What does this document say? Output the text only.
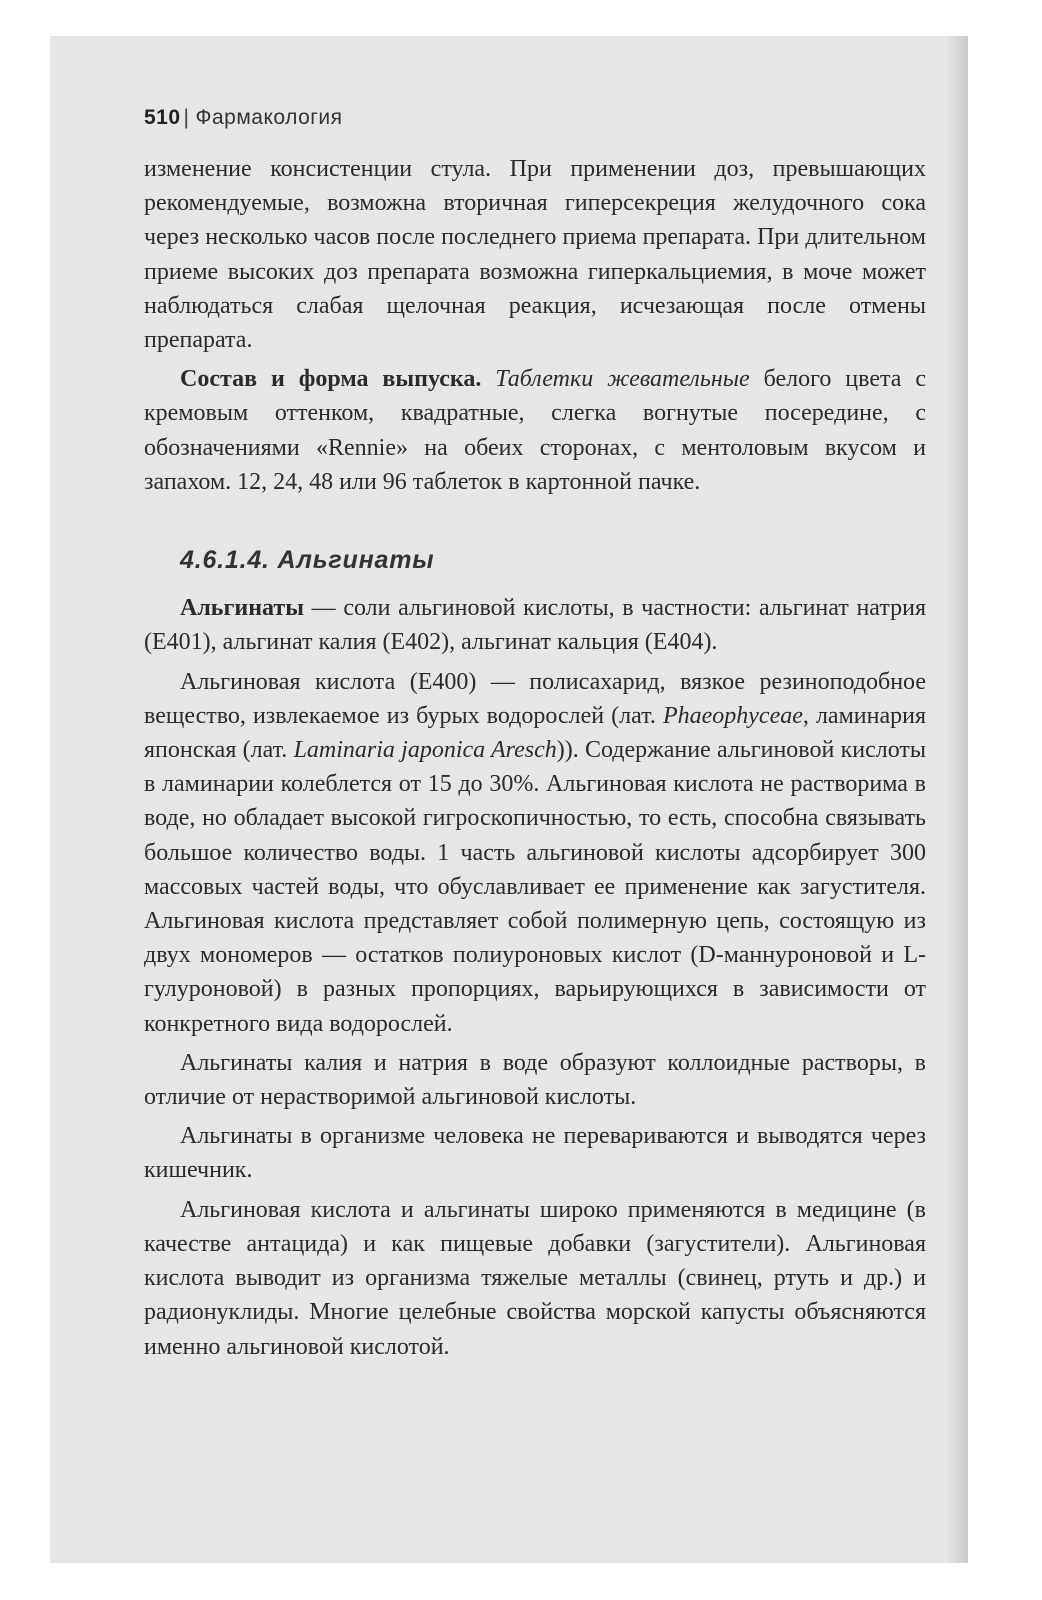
510 | Фармакология

изменение консистенции стула. При применении доз, превышающих рекомендуемые, возможна вторичная гиперсекреция желудочного сока через несколько часов после последнего приема препарата. При длительном приеме высоких доз препарата возможна гиперкальциемия, в моче может наблюдаться слабая щелочная реакция, исчезающая после отмены препарата.

Состав и форма выпуска. Таблетки жевательные белого цвета с кремовым оттенком, квадратные, слегка вогнутые посередине, с обозначениями «Rennie» на обеих сторонах, с ментоловым вкусом и запахом. 12, 24, 48 или 96 таблеток в картонной пачке.

4.6.1.4. Альгинаты

Альгинаты — соли альгиновой кислоты, в частности: альгинат натрия (Е401), альгинат калия (Е402), альгинат кальция (Е404).

Альгиновая кислота (Е400) — полисахарид, вязкое резиноподобное вещество, извлекаемое из бурых водорослей (лат. Phaeophyceae, ламинария японская (лат. Laminaria japonica Aresch)). Содержание альгиновой кислоты в ламинарии колеблется от 15 до 30%. Альгиновая кислота не растворима в воде, но обладает высокой гигроскопичностью, то есть, способна связывать большое количество воды. 1 часть альгиновой кислоты адсорбирует 300 массовых частей воды, что обуславливает ее применение как загустителя. Альгиновая кислота представляет собой полимерную цепь, состоящую из двух мономеров — остатков полиуроновых кислот (D-маннуроновой и L-гулуроновой) в разных пропорциях, варьирующихся в зависимости от конкретного вида водорослей.

Альгинаты калия и натрия в воде образуют коллоидные растворы, в отличие от нерастворимой альгиновой кислоты.

Альгинаты в организме человека не перевариваются и выводятся через кишечник.

Альгиновая кислота и альгинаты широко применяются в медицине (в качестве антацида) и как пищевые добавки (загустители). Альгиновая кислота выводит из организма тяжелые металлы (свинец, ртуть и др.) и радионуклиды. Многие целебные свойства морской капусты объясняются именно альгиновой кислотой.
